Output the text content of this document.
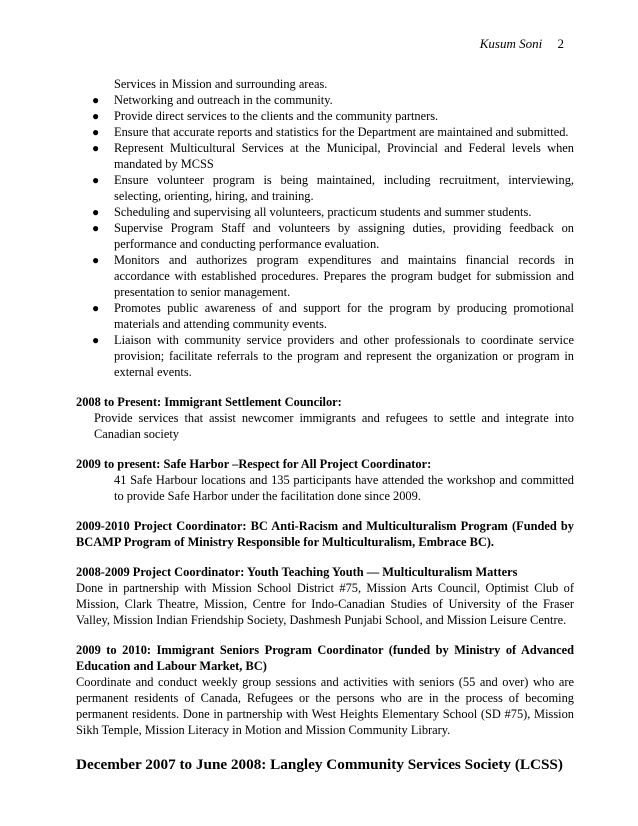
Kusum Soni 2
Services in Mission and surrounding areas.
● Networking and outreach in the community.
● Provide direct services to the clients and the community partners.
● Ensure that accurate reports and statistics for the Department are maintained and submitted.
● Represent Multicultural Services at the Municipal, Provincial and Federal levels when mandated by MCSS
● Ensure volunteer program is being maintained, including recruitment, interviewing, selecting, orienting, hiring, and training.
● Scheduling and supervising all volunteers, practicum students and summer students.
● Supervise Program Staff and volunteers by assigning duties, providing feedback on performance and conducting performance evaluation.
● Monitors and authorizes program expenditures and maintains financial records in accordance with established procedures. Prepares the program budget for submission and presentation to senior management.
● Promotes public awareness of and support for the program by producing promotional materials and attending community events.
● Liaison with community service providers and other professionals to coordinate service provision; facilitate referrals to the program and represent the organization or program in external events.
2008 to Present: Immigrant Settlement Councilor:
Provide services that assist newcomer immigrants and refugees to settle and integrate into Canadian society
2009 to present: Safe Harbor –Respect for All Project Coordinator:
41 Safe Harbour locations and 135 participants have attended the workshop and committed to provide Safe Harbor under the facilitation done since 2009.
2009-2010 Project Coordinator: BC Anti-Racism and Multiculturalism Program (Funded by BCAMP Program of Ministry Responsible for Multiculturalism, Embrace BC).
2008-2009 Project Coordinator: Youth Teaching Youth — Multiculturalism Matters
Done in partnership with Mission School District #75, Mission Arts Council, Optimist Club of Mission, Clark Theatre, Mission, Centre for Indo-Canadian Studies of University of the Fraser Valley, Mission Indian Friendship Society, Dashmesh Punjabi School, and Mission Leisure Centre.
2009 to 2010: Immigrant Seniors Program Coordinator (funded by Ministry of Advanced Education and Labour Market, BC)
Coordinate and conduct weekly group sessions and activities with seniors (55 and over) who are permanent residents of Canada, Refugees or the persons who are in the process of becoming permanent residents. Done in partnership with West Heights Elementary School (SD #75), Mission Sikh Temple, Mission Literacy in Motion and Mission Community Library.
December 2007 to June 2008: Langley Community Services Society (LCSS)
